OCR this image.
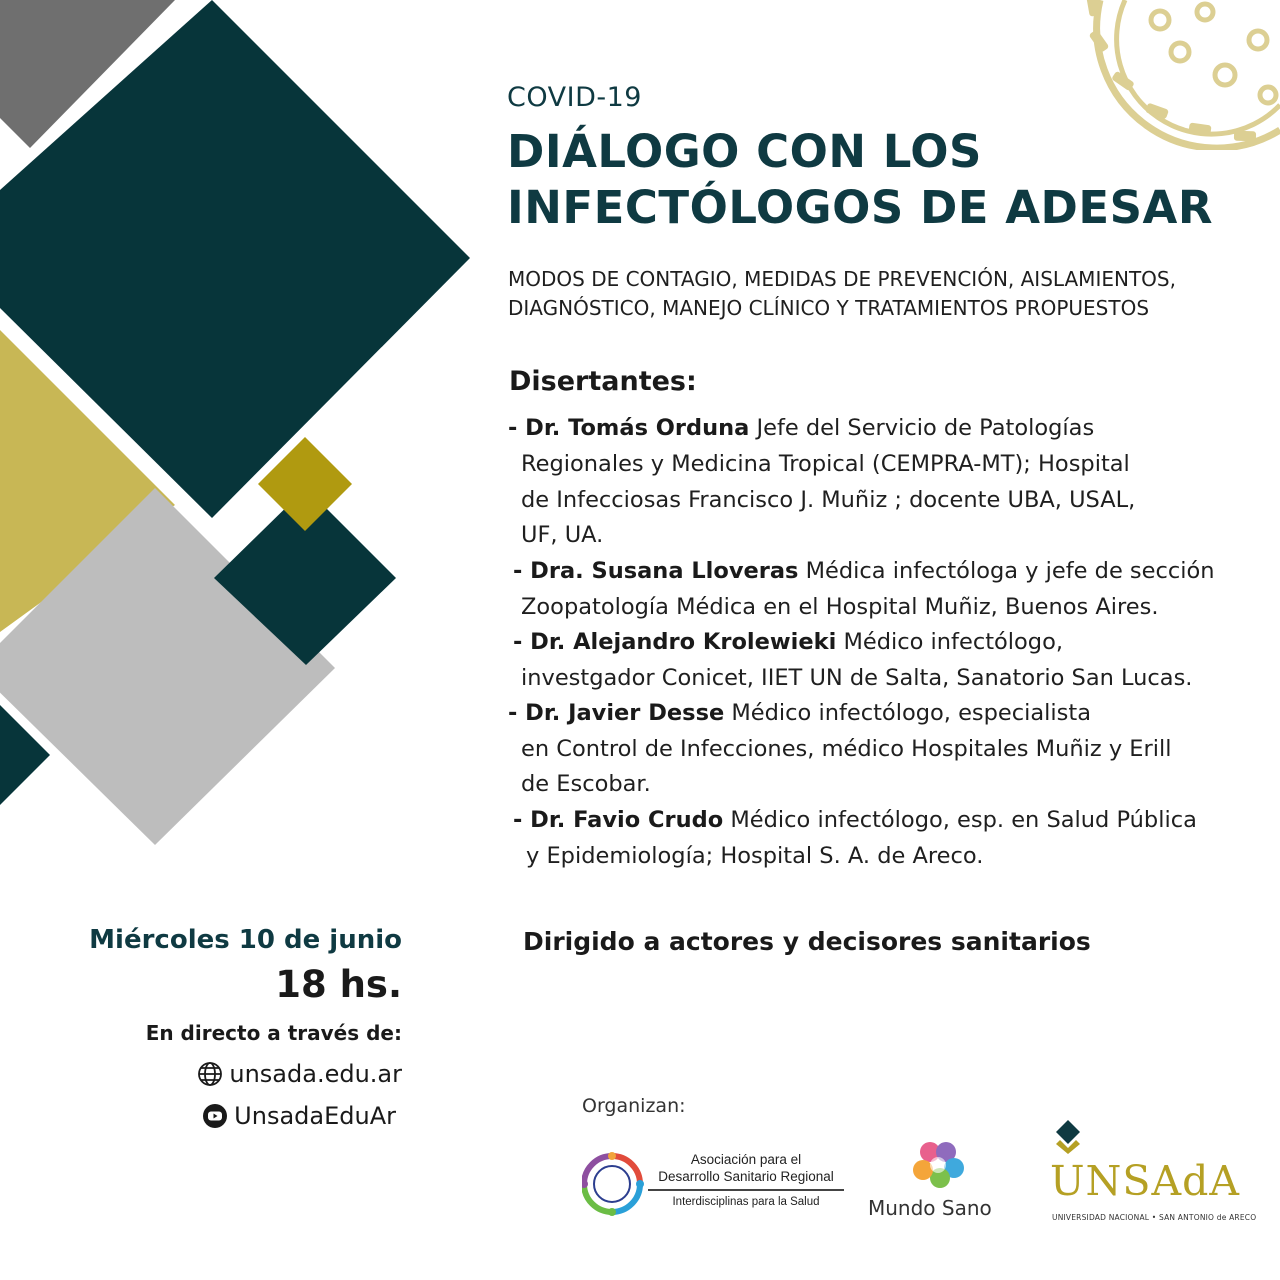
COVID-19
DIÁLOGO CON LOS
INFECTÓLOGOS DE ADESAR
MODOS DE CONTAGIO, MEDIDAS DE PREVENCIÓN, AISLAMIENTOS,
DIAGNÓSTICO, MANEJO CLÍNICO Y TRATAMIENTOS PROPUESTOS
Disertantes:
- Dr. Tomás Orduna Jefe del Servicio de Patologías
Regionales y Medicina Tropical (CEMPRA-MT); Hospital
de Infecciosas Francisco J. Muñiz ; docente UBA, USAL,
UF, UA.
- Dra. Susana Lloveras Médica infectóloga y jefe de sección
Zoopatología Médica en el Hospital Muñiz, Buenos Aires.
- Dr. Alejandro Krolewieki Médico infectólogo,
investgador Conicet, IIET UN de Salta, Sanatorio San Lucas.
- Dr. Javier Desse Médico infectólogo, especialista
en Control de Infecciones, médico Hospitales Muñiz y Erill
de Escobar.
- Dr. Favio Crudo Médico infectólogo, esp. en Salud Pública
y Epidemiología; Hospital S. A. de Areco.
Dirigido a actores y decisores sanitarios
Miércoles 10 de junio
18 hs.
En directo a través de:
unsada.edu.ar
UnsadaEduAr	Organizan:
Asociación para el
Desarrollo Sanitario Regional
Interdisciplinas para la Salud	Mundo Sano
UNSAdA
UNIVERSIDAD NACIONAL • SAN ANTONIO de ARECO
